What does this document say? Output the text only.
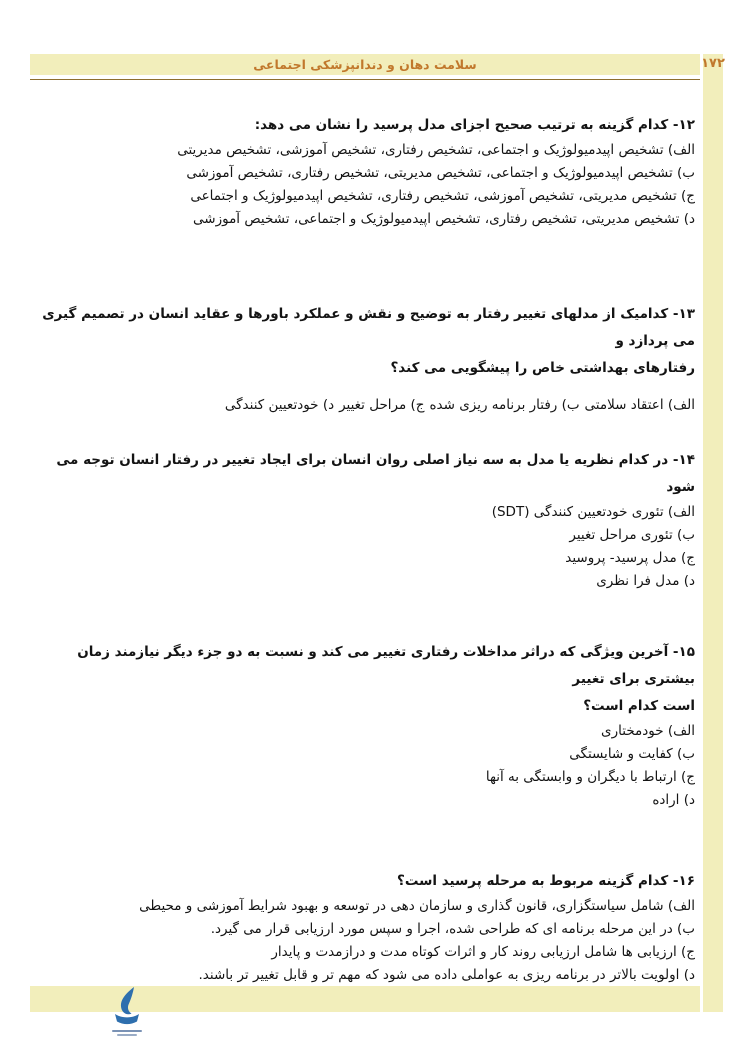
سلامت دهان و دندانپزشکی اجتماعی	۱۷۲
۱۲- کدام گزینه به ترتیب صحیح اجزای مدل پرسید را نشان می دهد:
الف) تشخیص اپیدمیولوژیک و اجتماعی، تشخیص رفتاری، تشخیص آموزشی، تشخیص مدیریتی
ب) تشخیص اپیدمیولوژیک و اجتماعی، تشخیص مدیریتی، تشخیص رفتاری، تشخیص آموزشی
ج) تشخیص مدیریتی، تشخیص آموزشی، تشخیص رفتاری، تشخیص اپیدمیولوژیک و اجتماعی
د) تشخیص مدیریتی، تشخیص رفتاری، تشخیص اپیدمیولوژیک و اجتماعی، تشخیص آموزشی
۱۳- کدامیک از مدلهای تغییر رفتار به توضیح و نقش و عملکرد باورها و عقاید انسان در تصمیم گیری می پردازد و
رفتارهای بهداشتی خاص را پیشگویی می کند؟
الف) اعتقاد سلامتی
ب) رفتار برنامه ریزی شده
ج) مراحل تغییر
د) خودتعیین کنندگی
۱۴- در کدام نظریه یا مدل به سه نیاز اصلی روان انسان برای ایجاد تغییر در رفتار انسان توجه می شود
الف) تئوری خودتعیین کنندگی (SDT)
ب) تئوری مراحل تغییر
ج) مدل پرسید- پروسید
د) مدل فرا نظری
۱۵- آخرین ویژگی که دراثر مداخلات رفتاری تغییر می کند و نسبت به دو جزء دیگر نیازمند زمان بیشتری برای تغییر
است کدام است؟
الف) خودمختاری
ب) کفایت و شایستگی
ج) ارتباط با دیگران و وابستگی به آنها
د) اراده
۱۶- کدام گزینه مربوط به مرحله پرسید است؟
الف) شامل سیاستگزاری، قانون گذاری و سازمان دهی در توسعه و بهبود شرایط آموزشی و محیطی
ب) در این مرحله برنامه ای که طراحی شده، اجرا و سپس مورد ارزیابی قرار می گیرد.
ج) ارزیابی ها شامل ارزیابی روند کار و اثرات کوتاه مدت و درازمدت و پایدار
د) اولویت بالاتر در برنامه ریزی به عواملی داده می شود که مهم تر و قابل تغییر تر باشند.
